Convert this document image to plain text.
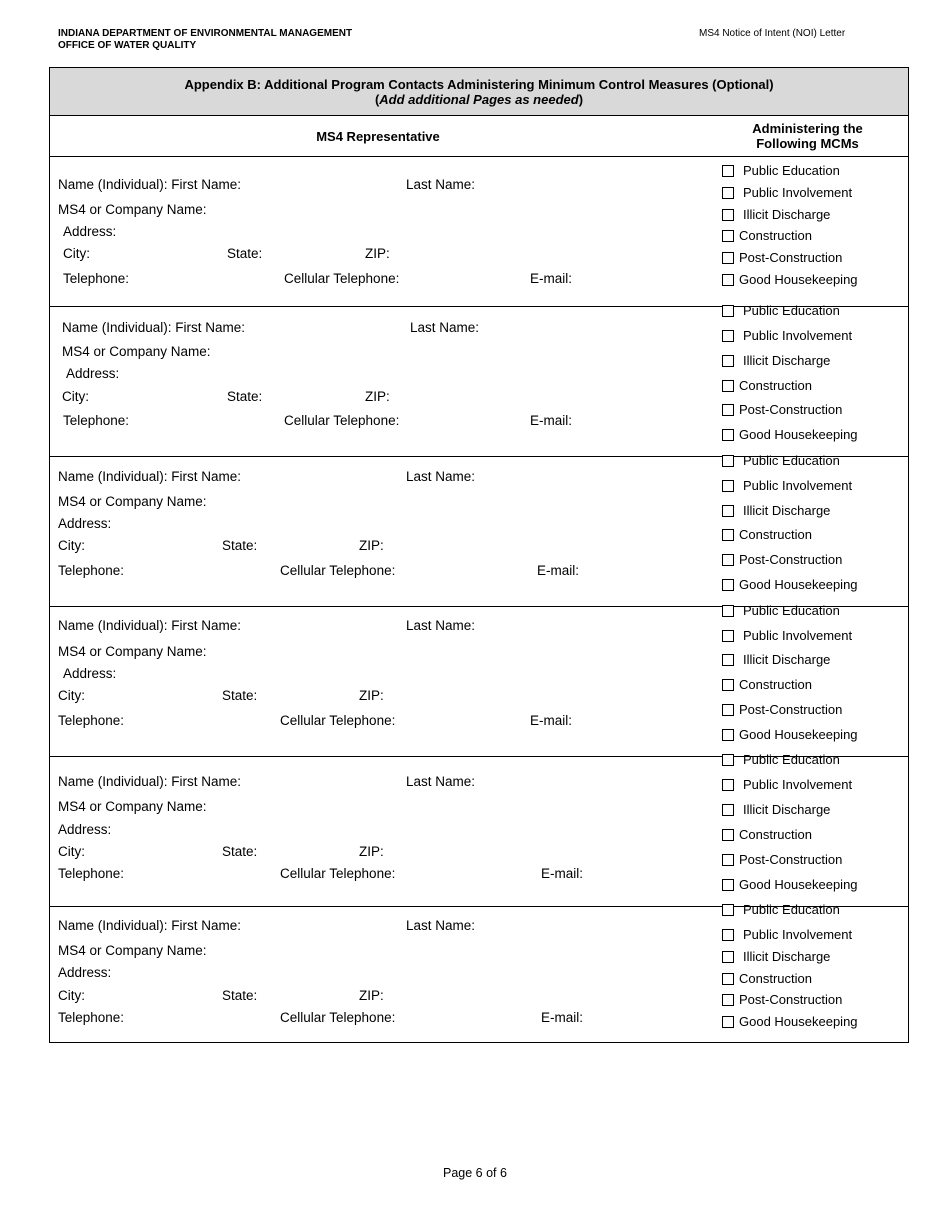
INDIANA DEPARTMENT OF ENVIRONMENTAL MANAGEMENT
OFFICE OF WATER QUALITY
MS4 Notice of Intent (NOI) Letter
Appendix B: Additional Program Contacts Administering Minimum Control Measures (Optional)
(Add additional Pages as needed)
MS4 Representative
Administering the
Following MCMs
Name (Individual): First Name:	Last Name:
MS4 or Company Name:
Address:
City:	State:	ZIP:
Telephone:	Cellular Telephone:	E-mail:
Public Education
Public Involvement
Illicit Discharge
Construction
Post-Construction
Good Housekeeping
Name (Individual): First Name:	Last Name:
MS4 or Company Name:
Address:
City:	State:	ZIP:
Telephone:	Cellular Telephone:	E-mail:
Public Education
Public Involvement
Illicit Discharge
Construction
Post-Construction
Good Housekeeping
Name (Individual): First Name:	Last Name:
MS4 or Company Name:
Address:
City:	State:	ZIP:
Telephone:	Cellular Telephone:	E-mail:
Public Education
Public Involvement
Illicit Discharge
Construction
Post-Construction
Good Housekeeping
Name (Individual): First Name:	Last Name:
MS4 or Company Name:
Address:
City:	State:	ZIP:
Telephone:	Cellular Telephone:	E-mail:
Public Education
Public Involvement
Illicit Discharge
Construction
Post-Construction
Good Housekeeping
Name (Individual): First Name:	Last Name:
MS4 or Company Name:
Address:
City:	State:	ZIP:
Telephone:	Cellular Telephone:	E-mail:
Public Education
Public Involvement
Illicit Discharge
Construction
Post-Construction
Good Housekeeping
Name (Individual): First Name:	Last Name:
MS4 or Company Name:
Address:
City:	State:	ZIP:
Telephone:	Cellular Telephone:	E-mail:
Public Education
Public Involvement
Illicit Discharge
Construction
Post-Construction
Good Housekeeping
Page 6 of 6
